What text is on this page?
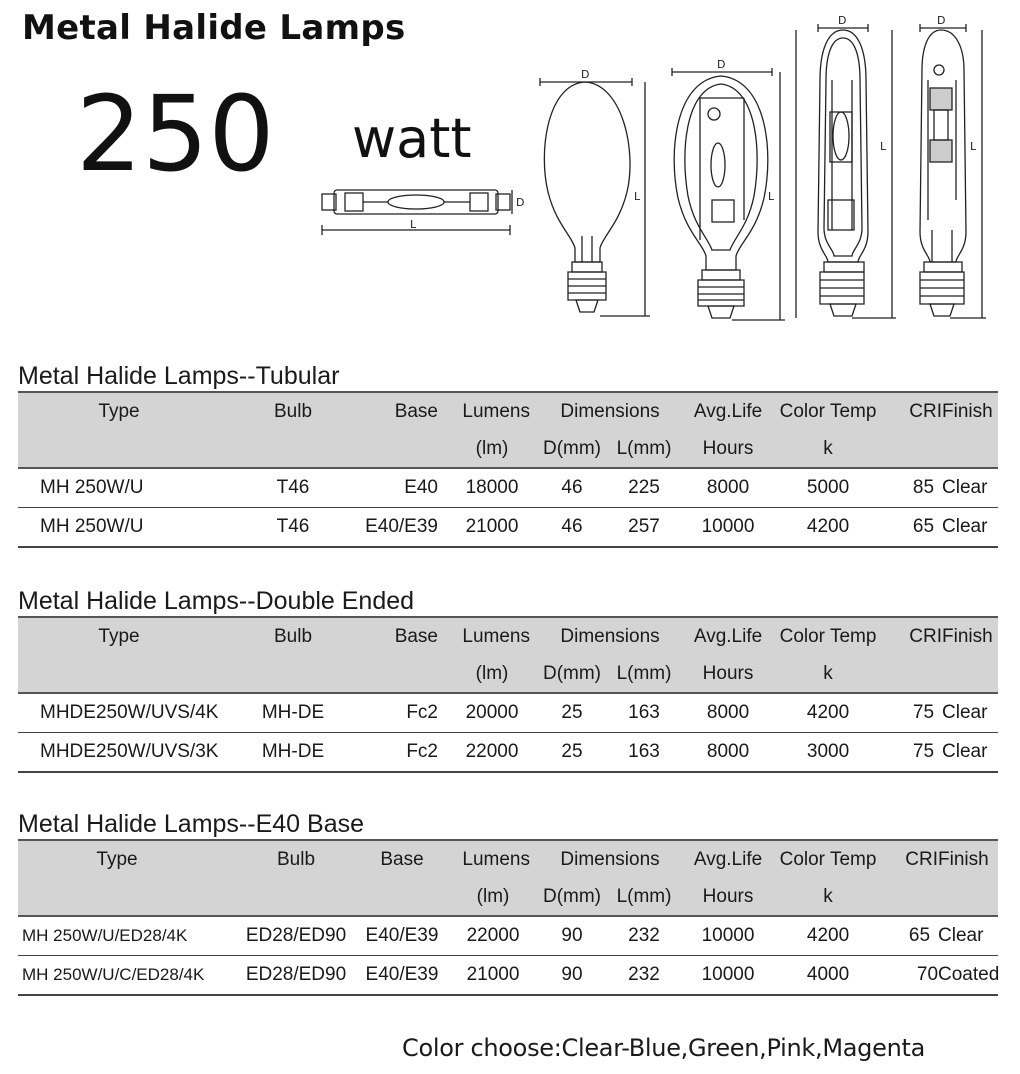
Metal Halide Lamps
250 watt
L
D
D
L
D
L
D
L
D
L
Metal Halide Lamps--Tubular
Type	Bulb	Base	Lumens	Dimensions		Avg.Life	Color Temp	CRI	Finish
			(lm)	D(mm)	L(mm)	Hours	k		
MH 250W/U	T46	E40	18000	46	225	8000	5000	85	Clear
MH 250W/U	T46	E40/E39	21000	46	257	10000	4200	65	Clear
Metal Halide Lamps--Double Ended
Type	Bulb	Base	Lumens	Dimensions		Avg.Life	Color Temp	CRI	Finish
			(lm)	D(mm)	L(mm)	Hours	k		
MHDE250W/UVS/4K	MH-DE	Fc2	20000	25	163	8000	4200	75	Clear
MHDE250W/UVS/3K	MH-DE	Fc2	22000	25	163	8000	3000	75	Clear
Metal Halide Lamps--E40 Base
Type	Bulb	Base	Lumens	Dimensions		Avg.Life	Color Temp	CRI	Finish
			(lm)	D(mm)	L(mm)	Hours	k		
MH 250W/U/ED28/4K	ED28/ED90	E40/E39	22000	90	232	10000	4200	65	Clear
MH 250W/U/C/ED28/4K	ED28/ED90	E40/E39	21000	90	232	10000	4000	70	Coated
Color choose:Clear-Blue,Green,Pink,Magenta
